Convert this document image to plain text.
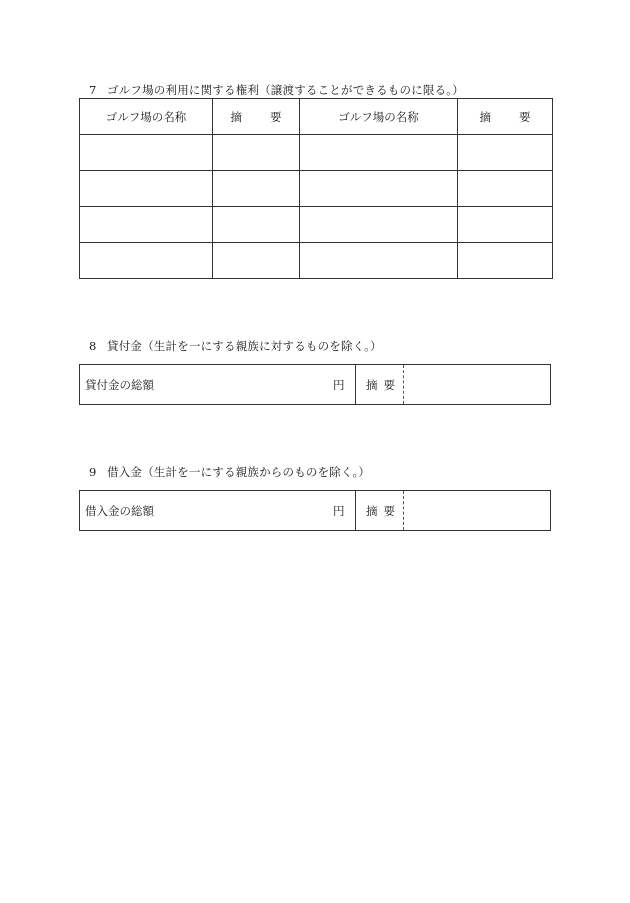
7 ゴルフ場の利用に関する権利（譲渡することができるものに限る。）
ゴルフ場の名称	摘 要	ゴルフ場の名称	摘 要

8 貸付金（生計を一にする親族に対するものを除く。）
貸付金の総額	円 摘 要
9 借入金（生計を一にする親族からのものを除く。）
借入金の総額	円 摘 要
